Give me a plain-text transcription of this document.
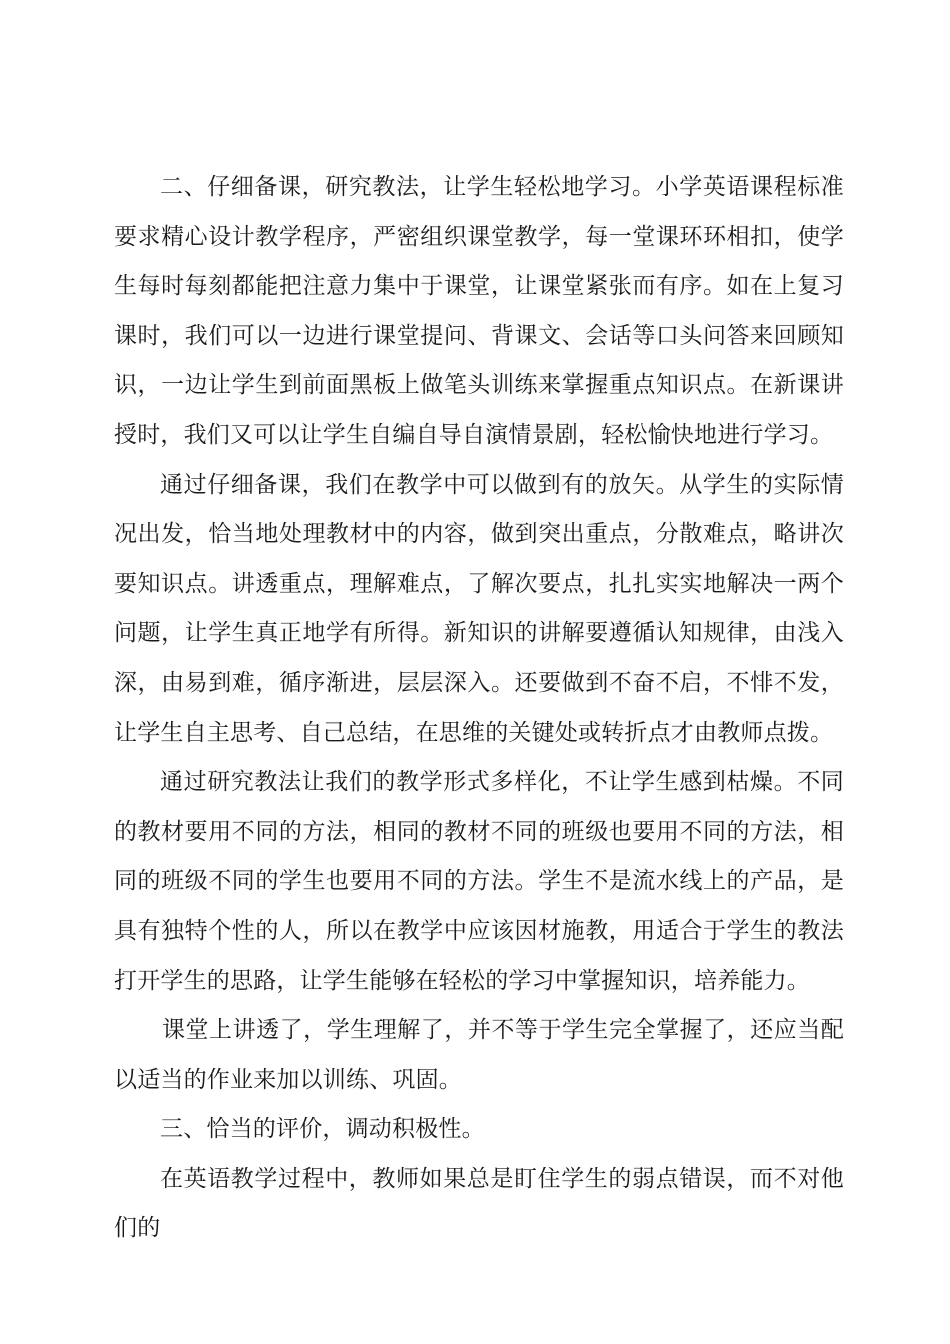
二、仔细备课，研究教法，让学生轻松地学习。小学英语课程标准要求精心设计教学程序，严密组织课堂教学，每一堂课环环相扣，使学生每时每刻都能把注意力集中于课堂，让课堂紧张而有序。如在上复习课时，我们可以一边进行课堂提问、背课文、会话等口头问答来回顾知识，一边让学生到前面黑板上做笔头训练来掌握重点知识点。在新课讲授时，我们又可以让学生自编自导自演情景剧，轻松愉快地进行学习。

通过仔细备课，我们在教学中可以做到有的放矢。从学生的实际情况出发，恰当地处理教材中的内容，做到突出重点，分散难点，略讲次要知识点。讲透重点，理解难点，了解次要点，扎扎实实地解决一两个问题，让学生真正地学有所得。新知识的讲解要遵循认知规律，由浅入深，由易到难，循序渐进，层层深入。还要做到不奋不启，不悱不发，让学生自主思考、自己总结，在思维的关键处或转折点才由教师点拨。

通过研究教法让我们的教学形式多样化，不让学生感到枯燥。不同的教材要用不同的方法，相同的教材不同的班级也要用不同的方法，相同的班级不同的学生也要用不同的方法。学生不是流水线上的产品，是具有独特个性的人，所以在教学中应该因材施教，用适合于学生的教法打开学生的思路，让学生能够在轻松的学习中掌握知识，培养能力。

课堂上讲透了，学生理解了，并不等于学生完全掌握了，还应当配以适当的作业来加以训练、巩固。

三、恰当的评价，调动积极性。

在英语教学过程中，教师如果总是盯住学生的弱点错误，而不对他们的
